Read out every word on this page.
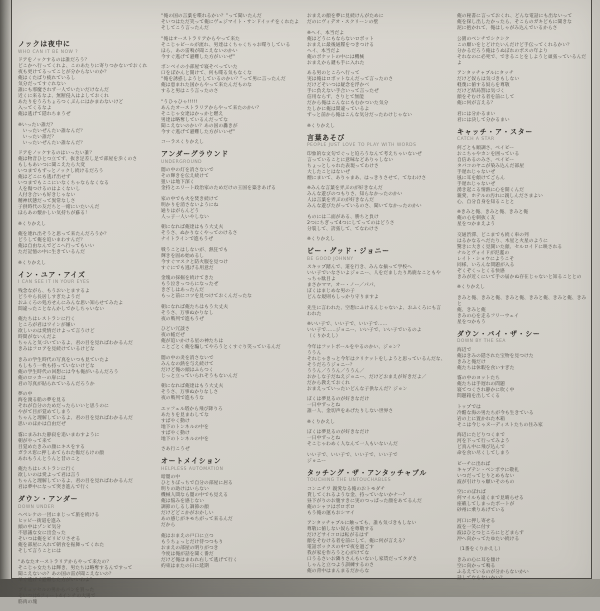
ノックは夜中に
WHO CAN IT BE NOW ?
ドアをノックするのは誰だろう？
どこかへ行ってくれよ、このあたりに寄りつかないでおくれ
夜も更けてるってことが分からないのか？
俺はくたばり疲れているし
気分だってすぐれない
誰にも邪魔されず一人でいたいだけなんだ
近くに来るなよ、無断侵入はよしておくれ
あたりをうろちょろつくぶんにはかまわないけど
入ってくるなよ
俺は逃げて隠れちまうぜ
※いったい誰だ？
　いったいぜんたい誰なんだ？
　いったい誰だ？
　いったいぜんたい誰なんだ？
ドアをノックするのはいったい誰？
俺は物音ひとつ立てず、抜き足差し足で部屋を歩くのさ
もしもあいつに聞こえたら大変
いつまでもずっとノックし続けるだろう
俺はどこにも逃げ出せず
いつまでもここにいなくちゃならなくなる
人を傷つけるのはよくないし
人付き合いも好きじゃない
精神状態だって異常なしさ
子供時代の友だちと一緒にいたいんだ
ほらあの懐かしい気持ちが蘇る！
※くりかえし
俺を連れ出そうと思って来たんだろうか？
どうして俺を追いまわすんだ？
俺は自由なんでどこへ行ってもいい
ただ記憶の中に生きているんだ
※くりかえし
イン・ユア・アイズ
I CAN SEE IT IN YOUR EYES
残念ながら、もうおいとまするよ
どうやら長居しすぎたようだ
おふくろの処方せんにみんな思い知らせてみたよ
間違ったことなんかしでかしちゃいない
俺たちはレストランに行く
ところが君はワインが嫌い
欲しいのは愛情だけよって言うけど
時間がないんだよ
ちゃんと気づいているよ、君の目を見ればわかるんだ
きみはフロアを見続けているけどな
きみの学生時代の写真をいつも見ていたよ
もしもう一枚も持っていないけどな
俺の学生時代の回想には今も俺がいるんだろう
俺のロッカーの扉には
君の写真が貼られているんだろうか
夢の中
海を渡る船の夢を見る
それが自分のためだったらいいと思うのに
やがて目が覚めてしまう
ちゃんと理解しているよ、君の目を見ればわかるんだ
思いのほかは自由だぜ
霧にまみれた静寂を追いまわすように
朝がやって来て
目覚めたきみの顔にキスをする
ガラス窓に押しあてられた傷だらけの顔
あれもうんとうんと昔のこと
俺たちはレストランに行く
欲しいのは愛よって君は言う
ちゃんと理解しているよ、君の目を見ればわかるんだ
君は夢中になって突き進んで行く
ダウン・アンダー
DOWN UNDER
ヘベレケの一団にまじって旅を続ける
ヒッピー街道を進み
頭の中はゾンビ気分
不思議な女に出会った
そいつは俺をビリビリさせる
俺を部屋に入れて朝食を振舞ってくれた
そして言うことには
“あなたオーストラリアからやって来たの？
そこじゃ女たちは輝き、男たちは略奪するんですって
聞こえないの？あの国の雷が聞こえないの？
早く逃げて避難した方がいいわよ”
ブリュッセルの男からパンを買った
そいつは6フィート4インチの大男で
筋肉の塊
“俺の国の言葉を喋れるかい？”って聞いたんだ
そいつはただ笑って俺にヴェジマイト・サンドイッチをくれたよ
そしてこう言ったんだ
“俺はオーストラリアからやって来た
そこじゃビールが流れ、男達はくちゃくちゃお喋りしている
ほら、あの雷鳴が聞こえないのかい
今すぐ逃げて避難した方がいいぜ”
ボンベイの小部屋で寝そべっていた
口をぽかんと開けて、何も喋る気もなくな
“俺を誘惑しようとしているのかい？”って男に言ったんだ
俺は恵まれた国からやって来たんだものな
すると男はこう言ったのさ
“うひゃひゃ!!!!!
あんたオーストラリアからやって来たのかい？
そこじゃ女達はかっかと燃え
男達は略奪しているんだってな
聞こえないのかい？あの国の轟きが
今すぐ逃げて避難した方がいいぜ”
コーラスくりかえし
アンダーグラウンド
UNDERGROUND
闇の中の灯を消さないで
その輝きを伝え続けて
狙いは地下深く
金持とエリート政治家のためだけの王国を築きあげる
家の中でも火を焚き続けて
明かりを消さないようにね
通りはがらんどう
人っ子一人いやしない
朝になれば俺達はもう大丈夫
そうさ、ぬかりなくやってのけるさ
ナイトラインで進もうぜ
戦うことはしないが、熱狂でも
輝きを固め始めるし
今すぐマスクと防火服を見つけ
すぐにでも逃げる用意だ
金塊の採掘を続けてきた
もう泣きっつらになったぜ
きざしはあったんだ
もっと前にコツを見つけておくんだったな
朝になれば俺たちはもう大丈夫
そうさ、万事ぬかりなし
夜の戦列で進もうぜ
ひどい冗談さ
夜の帳だぜ
俺が追いかける星の神たちは
ことごとく俺を騙してやろうとくすぐり笑っているんだ
闇の中の炎を消さないで
みんなの熱を与え続けて
だけど俺の頭はふらつく
じっと立っていられそうもないんだ
朝になれば俺達はもう大丈夫
そうさ、万事ぬかりなしさ
夜の戦列で進もうな
エッフェル塔から飛び降りろ
あたりを見まわしてな
すばやく動け
地下のトンネルの中を
すばやく動け
地下のトンネルの中を
さあ行こうぜ
オートメイション
HELPLESS AUTOMATION
暗闇の中
ひとりぼっちで自分の部屋に居る
明りの助けはいらない
機械人間なら闇の中でも見える
俺は悩みを感じない
調節のしるし調節の顔
だけどどこかがおかしい
あの感じがキモちがって来るんだ
だから
俺はおまえの戸口に立つ
もうちょっとだけ待つつもり
おまえの部屋の明りがつき
今度は俺が話を聞く番だ
だけど俺はまわれ右して逃げて行く
約束はまたの日に延期
おまえの顔を夢に見続けんがために
だのにヴィデオ・スクリーンの壁
※ヘイ、本当だよ
俺はどうにもならないロボット
おまえに最後通牒をつきつける
ヘイ、本当だよ
俺のポケットの中には機械
おまえから鍵も手に入れた
ある男のところへ行って
実は俺はロボットなんだって言ったのさ
だけどそいつは疑念を浮かべ
手に負えない手合いって言ったぜ
信用ならず、さりとて無能
だから俺はこんなにもむかついた気分
たしかに俺は間違っているよ
ずっと前から俺はこんな気分だったわけじゃない
※くりかえし
言葉あそび
PEOPLE JUST LOVE TO PLAY WITH WORDS
印象的な文句でぐっと迫ろうなんて考えちゃいないぜ
言っていることに意味などありゃしない
ちょっとしゃれた表現ってわけさ
大したことはないぜ
煙にまいて、ありゃまあ、はっきりさせて、てなわけさ
※みんな言葉を弄ぶのが好きなんだ
みんな遊びのつもりさ、知らなかったのかい
人は言葉を弄ぶのが好きなんだ
みんな遊びたがっているのさ、聞いてなかったのかい
ものには二面がある、勝ちと負け
2つにちぎって4つにしてってのはどうさ
分裂して、誇張して、てなわけさ
※くりかえし
ビー・グッド・ジョニー
BE GOOD JOHNNY
スキップ踏んで、道を行き、みんな揃って学校へ
いい子でいなさいよジョニー、人をだましたり馬鹿なこともや
っちゃ駄目よ
まさかママ、オー・ノー／パパ、
ぼくはまじめな男の子
どんな規則もしっかり守りますよ
先生に言われた、空想にふけるんじゃないよ、おふくろにも言
われた
※いい子で、いい子で、いい子で……
いい子で……ジョニー、いい子で、いい子でいるのよ
（くりかえし）
今年はフットボールをやるのかい、ジョン？
ううん
それじゃきっと今年はクリケットをしようと思っているんだな、
そうだろうジョニー？
ううん／ううん／ううん／
おかしな子だねえジョニー、だけどおまえが好きだよ／
だから教えておくれ
おまえっていったいどんな子供なんだ？ジョン
ぼくは夢見るのが好きなだけ
一日中ずっとね
誰一人、金切声をあげたりしない世界さ
※くりかえし
ぼくは夢見るのが好きなだけ
一日中ずっとね
そこじゃわめく人なんて一人もいないんだ
いい子で、いい子で、いい子で、いい子で
ジョニー
タッチング・ザ・アンタッチャブル
TOUCHING THE UNTOUCHABLES
コンニチワ 親愛なる俺のおトモダチ
貸してくれるような金、持っていないかナー？
昼下がりのお腹すきに実のつっぱった顔をあてるんだ
俺のシャツはボロボロ
もう俺の運もおシマイ
アンタッチャブルに触っても、誰も気づきもしない
尊敬に値しない奴らを尊敬する
だけどサイコロは転がるはず
顔をそむける者を前にして、俺に何が言える？
電話ボックスの中で夜を過ごす
我が家を作ろうと心がけてな
口うるさいお隣りさんもいないし家賃だってタダさ
しゃんと立つよう訓練するのさ
俺の背中はまんまるだからな
俺の秘書に言っておくれ、どんな電話にも出ないって
俺を探し出したかったら、そこらのガキどもに聞きな
泥に抱かれて、俺はしゃがみ込んでいるからさ
公園のベンチでシクシク
この願いをとどけたいんだけど手伝ってくれるかい？
分かるだろう俺はうぬぼれのボスの年より
それなのに必死で、できることをしようと頑張っているんだよ
アンタッチャブルにタッチ
だけど奴らは気づきもしない
軽蔑に値する奴らを尊敬
だけど結局罰は気づく
顔をそむける者を前にして
俺に何が言える？
君には分かるまい
君には決して分かるまい
キャッチ・ア・スター
CATCH A STAR
何ごとも順調さ、ベイビー
おこちゃやカンを囲っている
自信あるのみさ、ベイビー
タバコのヤニが染み込んだ部屋
手遅れじゃないぜ
風に耳を傾けてごらん
手遅れじゃないぜ
湧き起こる情熱に心を開くんだ
親愛、ホテルの汚れに親しんださまよい
心、自分自身を知ることと
※きみと俺、きみと俺、きみと俺
俺の心を刺抜く友
星をつかまえよう
交通渋滞、どこまでも続く車の列
はるかなるへだたり、木星と火星のように
驚きに大きく見開いた顔、セルロイドに映される
ナルとヴォイドが氾濫の
レイト・ショウにようこそ
同様、いろんな問題が入る
ぞくぞくっとくる快感
きみが近くにいて手の届かぬ存在じゃないと知ることとの
※くりかえし
きみと俺、きみと俺、きみと俺、きみと俺、きみと俺、きみと
俺、きみと俺
きみの心を走るフリーウェイ
星をつかもう
ダウン・バイ・ザ・シー
DOWN BY THE SEA
海辺で
俺はきみの隠された宝物を見つけた
きみと俺だけ
俺たちは休暇を食いすぎた
霧の中のヨットたち
俺たちは手遅れの問題
寝てつくされ静かに吹く中
問題箱を出してくる
トップでは
冷酷な海の男たちが今も生きている
岩の上に置かれた木箱
そこは今じゃヌーディストたちの住み家
海辺にたどりつくまで
河を下って行ってみよう
ど真ん中に飛び込んで
命を食い尽くしてしまう
ビーチに出れば
キャプテン・ベンボウに敬礼
いつだってとりとめもない
波が引けりゃ願いそのもの
空にのぼれば
何マイルも遠くまで見晴らせる
座礁してしまったボートが
砂州に乗りあげている
河口に押し寄せる
波を一笑に付す
波はひとつところにとどまらず
沖へ向かってたゆたい続ける
（1番をくりかえし）
きみの心に耳を傾け
空に向かって鳴る
ふるえているのが分からないかい
話してならないかい？
